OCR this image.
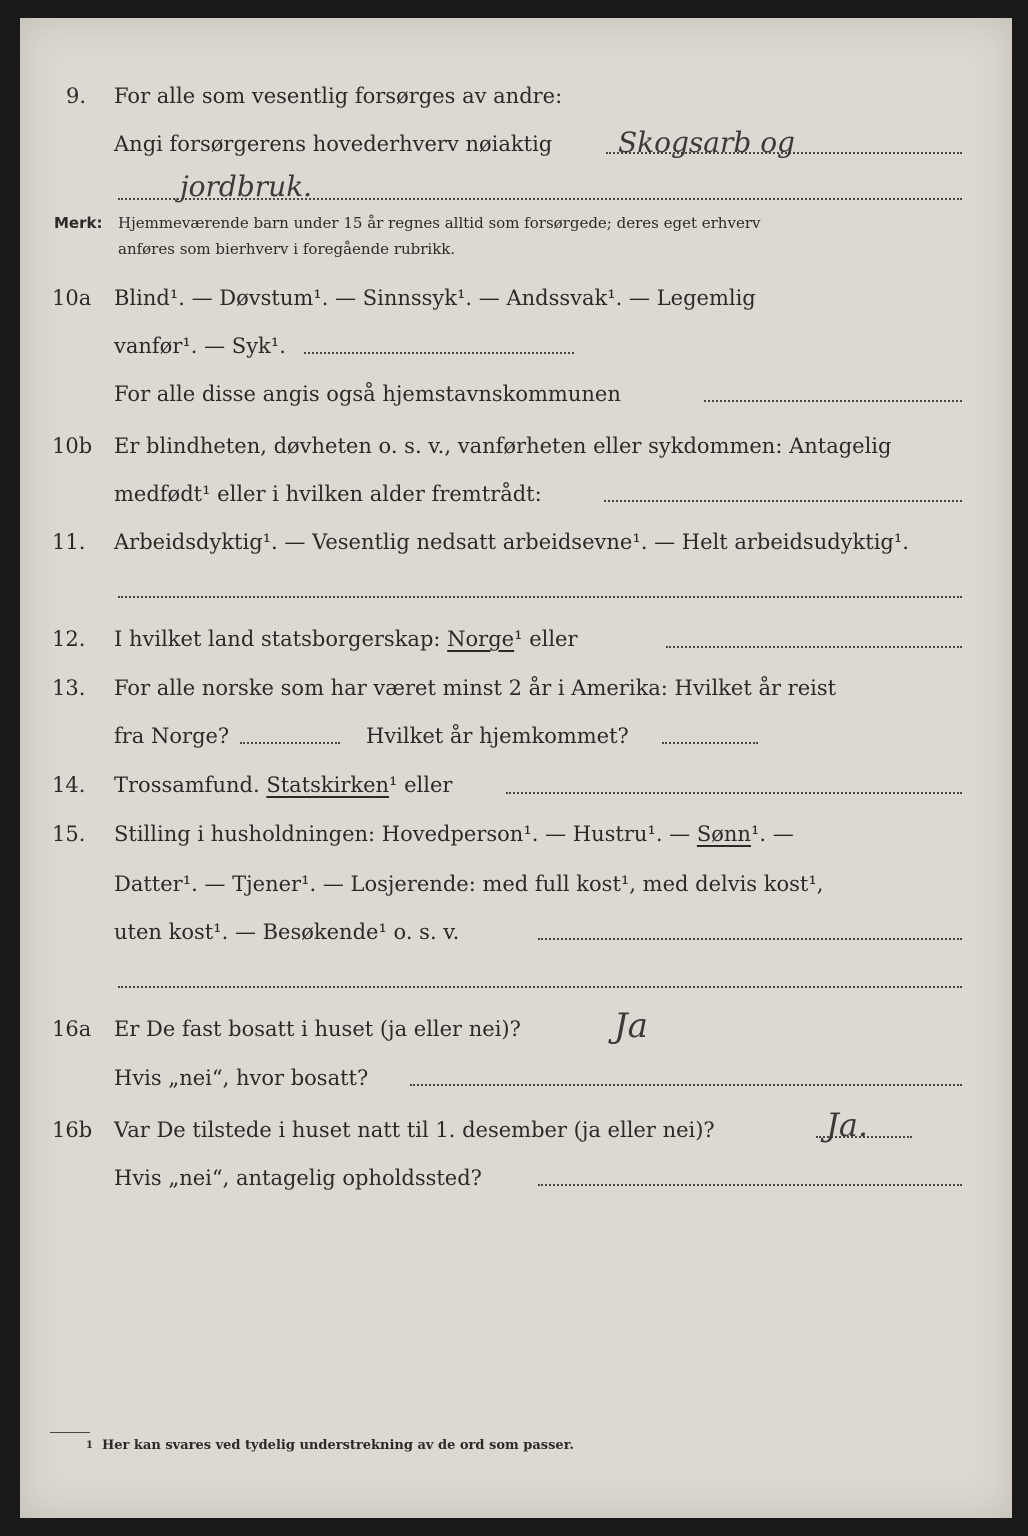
9. For alle som vesentlig forsørges av andre:
Angi forsørgerens hovederhverv nøiaktig Skogsarb og
jordbruk.
Merk: Hjemmeværende barn under 15 år regnes alltid som forsørgede; deres eget erhverv
anføres som bierhverv i foregående rubrikk.
10a Blind¹. — Døvstum¹. — Sinnssyk¹. — Andssvak¹. — Legemlig
vanfør¹. — Syk¹.
For alle disse angis også hjemstavnskommunen
10b Er blindheten, døvheten o. s. v., vanførheten eller sykdommen: Antagelig
medfødt¹ eller i hvilken alder fremtrådt:
11. Arbeidsdyktig¹. — Vesentlig nedsatt arbeidsevne¹. — Helt arbeidsudyktig¹.
12. I hvilket land statsborgerskap: Norge¹ eller
13. For alle norske som har været minst 2 år i Amerika: Hvilket år reist
fra Norge?	Hvilket år hjemkommet?
14. Trossamfund. Statskirken¹ eller
15. Stilling i husholdningen: Hovedperson¹. — Hustru¹. — Sønn¹. —
Datter¹. — Tjener¹. — Losjerende: med full kost¹, med delvis kost¹,
uten kost¹. — Besøkende¹ o. s. v.
16a Er De fast bosatt i huset (ja eller nei)?	Ja
Hvis „nei“, hvor bosatt?
16b Var De tilstede i huset natt til 1. desember (ja eller nei)?	Ja.
Hvis „nei“, antagelig opholdssted?
1 Her kan svares ved tydelig understrekning av de ord som passer.
